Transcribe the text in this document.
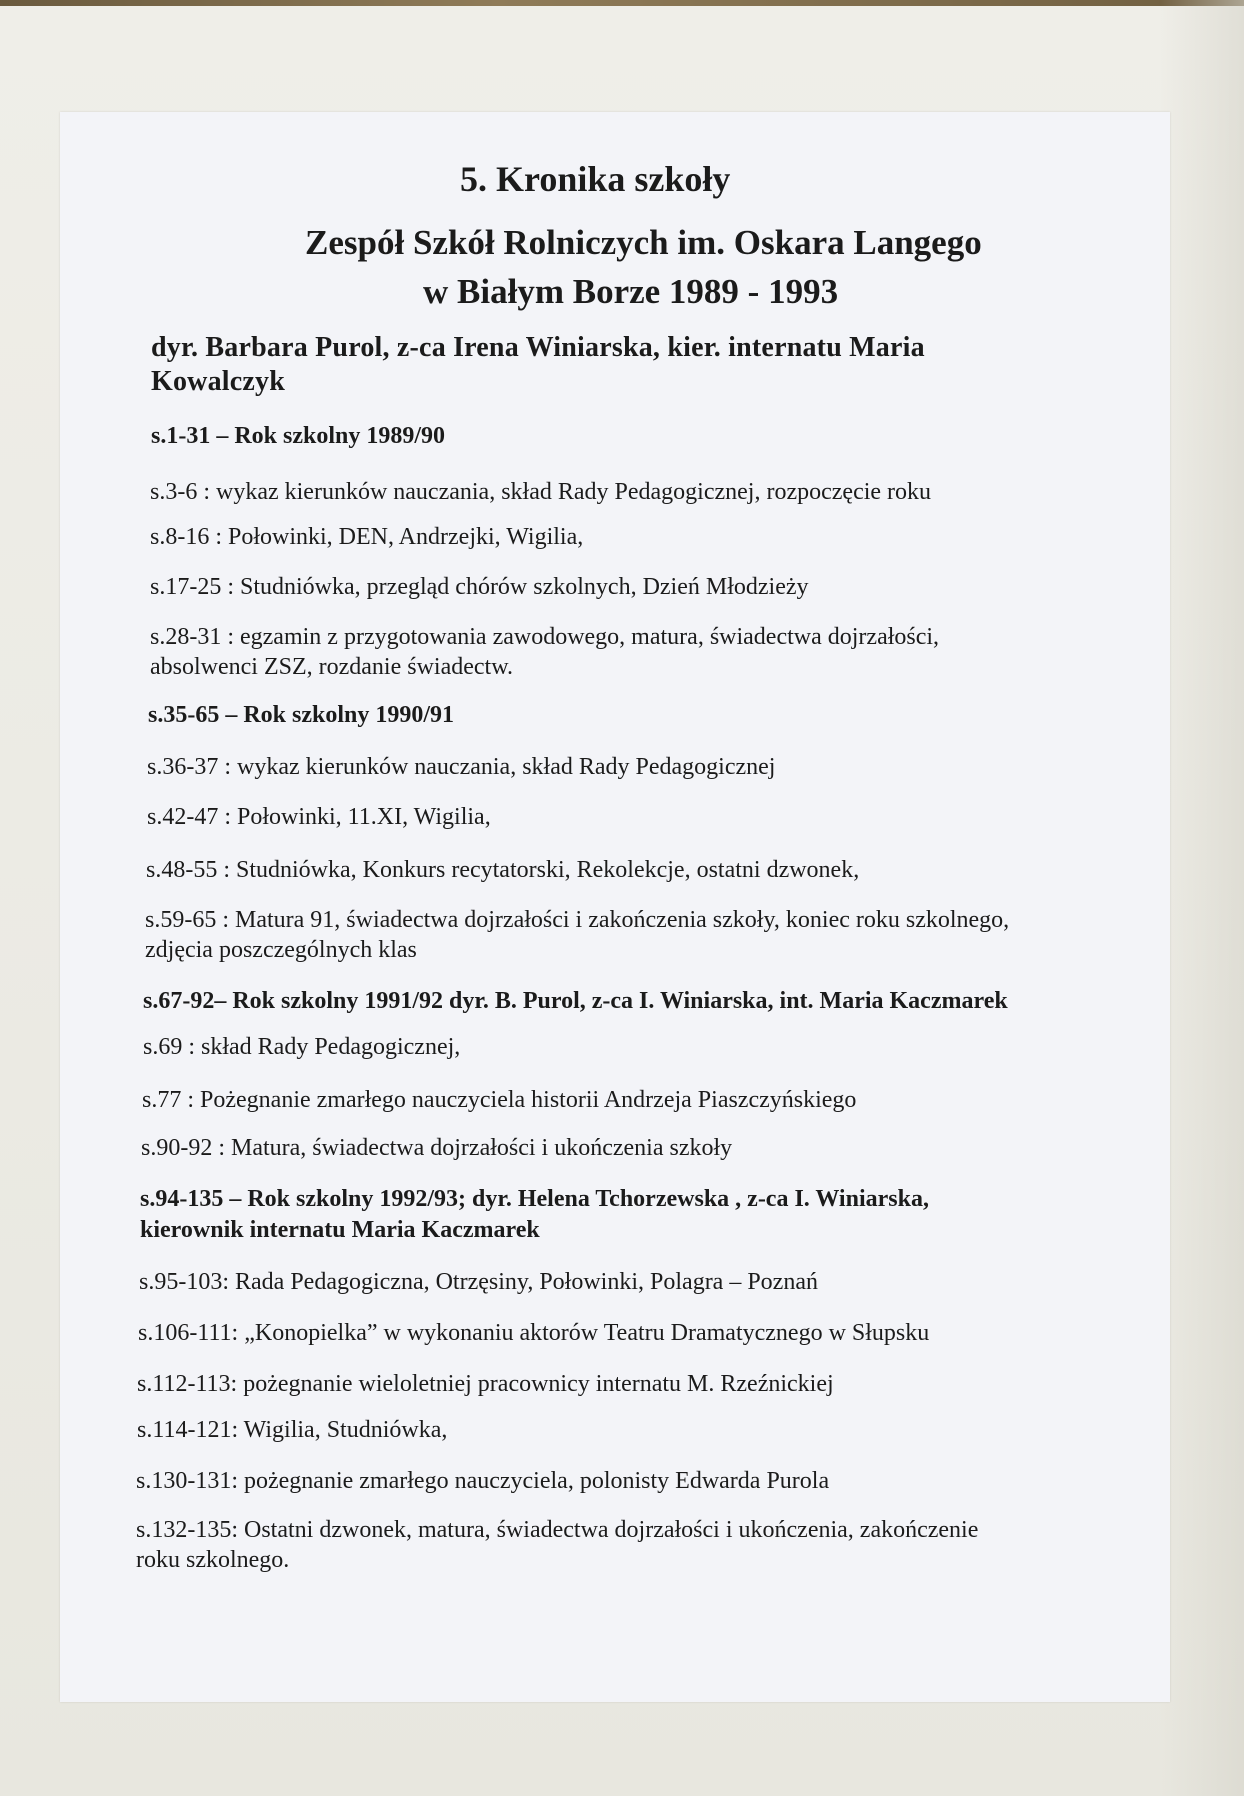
5. Kronika szkoły

Zespół Szkół Rolniczych im. Oskara Langego

w Białym Borze 1989 - 1993

dyr. Barbara Purol, z-ca Irena Winiarska, kier. internatu Maria

Kowalczyk

s.1-31 – Rok szkolny 1989/90

s.3-6 : wykaz kierunków nauczania, skład Rady Pedagogicznej, rozpoczęcie roku

s.8-16 : Połowinki, DEN, Andrzejki, Wigilia,

s.17-25 : Studniówka, przegląd chórów szkolnych, Dzień Młodzieży

s.28-31 : egzamin z przygotowania zawodowego, matura, świadectwa dojrzałości,

absolwenci ZSZ, rozdanie świadectw.

s.35-65 – Rok szkolny 1990/91

s.36-37 : wykaz kierunków nauczania, skład Rady Pedagogicznej

s.42-47 : Połowinki, 11.XI, Wigilia,

s.48-55 : Studniówka, Konkurs recytatorski, Rekolekcje, ostatni dzwonek,

s.59-65 : Matura 91, świadectwa dojrzałości i zakończenia szkoły, koniec roku szkolnego,

zdjęcia poszczególnych klas

s.67-92– Rok szkolny 1991/92 dyr. B. Purol, z-ca I. Winiarska, int. Maria Kaczmarek

s.69 : skład Rady Pedagogicznej,

s.77 : Pożegnanie zmarłego nauczyciela historii Andrzeja Piaszczyńskiego

s.90-92 : Matura, świadectwa dojrzałości i ukończenia szkoły

s.94-135 – Rok szkolny 1992/93; dyr. Helena Tchorzewska , z-ca I. Winiarska,

kierownik internatu Maria Kaczmarek

s.95-103: Rada Pedagogiczna, Otrzęsiny, Połowinki, Polagra – Poznań

s.106-111: „Konopielka” w wykonaniu aktorów Teatru Dramatycznego w Słupsku

s.112-113: pożegnanie wieloletniej pracownicy internatu M. Rzeźnickiej

s.114-121: Wigilia, Studniówka,

s.130-131: pożegnanie zmarłego nauczyciela, polonisty Edwarda Purola

s.132-135: Ostatni dzwonek, matura, świadectwa dojrzałości i ukończenia, zakończenie

roku szkolnego.
